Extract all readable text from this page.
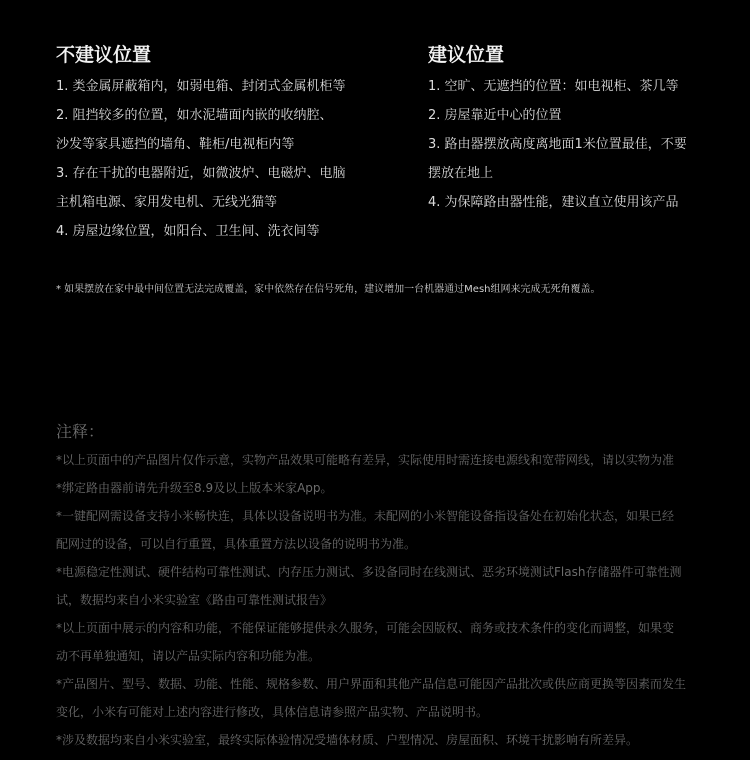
不建议位置
1. 类金属屏蔽箱内，如弱电箱、封闭式金属机柜等
2. 阻挡较多的位置，如水泥墙面内嵌的收纳腔、
沙发等家具遮挡的墙角、鞋柜/电视柜内等
3. 存在干扰的电器附近，如微波炉、电磁炉、电脑
主机箱电源、家用发电机、无线光猫等
4. 房屋边缘位置，如阳台、卫生间、洗衣间等
建议位置
1. 空旷、无遮挡的位置：如电视柜、茶几等
2. 房屋靠近中心的位置
3. 路由器摆放高度离地面1米位置最佳，不要
摆放在地上
4. 为保障路由器性能，建议直立使用该产品
* 如果摆放在家中最中间位置无法完成覆盖，家中依然存在信号死角，建议增加一台机器通过Mesh组网来完成无死角覆盖。
注释：
*以上页面中的产品图片仅作示意，实物产品效果可能略有差异，实际使用时需连接电源线和宽带网线，请以实物为准
*绑定路由器前请先升级至8.9及以上版本米家App。
*一键配网需设备支持小米畅快连，具体以设备说明书为准。未配网的小米智能设备指设备处在初始化状态，如果已经
配网过的设备，可以自行重置，具体重置方法以设备的说明书为准。
*电源稳定性测试、硬件结构可靠性测试、内存压力测试、多设备同时在线测试、恶劣环境测试Flash存储器件可靠性测
试，数据均来自小米实验室《路由可靠性测试报告》
*以上页面中展示的内容和功能，不能保证能够提供永久服务，可能会因版权、商务或技术条件的变化而调整，如果变
动不再单独通知，请以产品实际内容和功能为准。
*产品图片、型号、数据、功能、性能、规格参数、用户界面和其他产品信息可能因产品批次或供应商更换等因素而发生
变化，小米有可能对上述内容进行修改，具体信息请参照产品实物、产品说明书。
*涉及数据均来自小米实验室，最终实际体验情况受墙体材质、户型情况、房屋面积、环境干扰影响有所差异。
